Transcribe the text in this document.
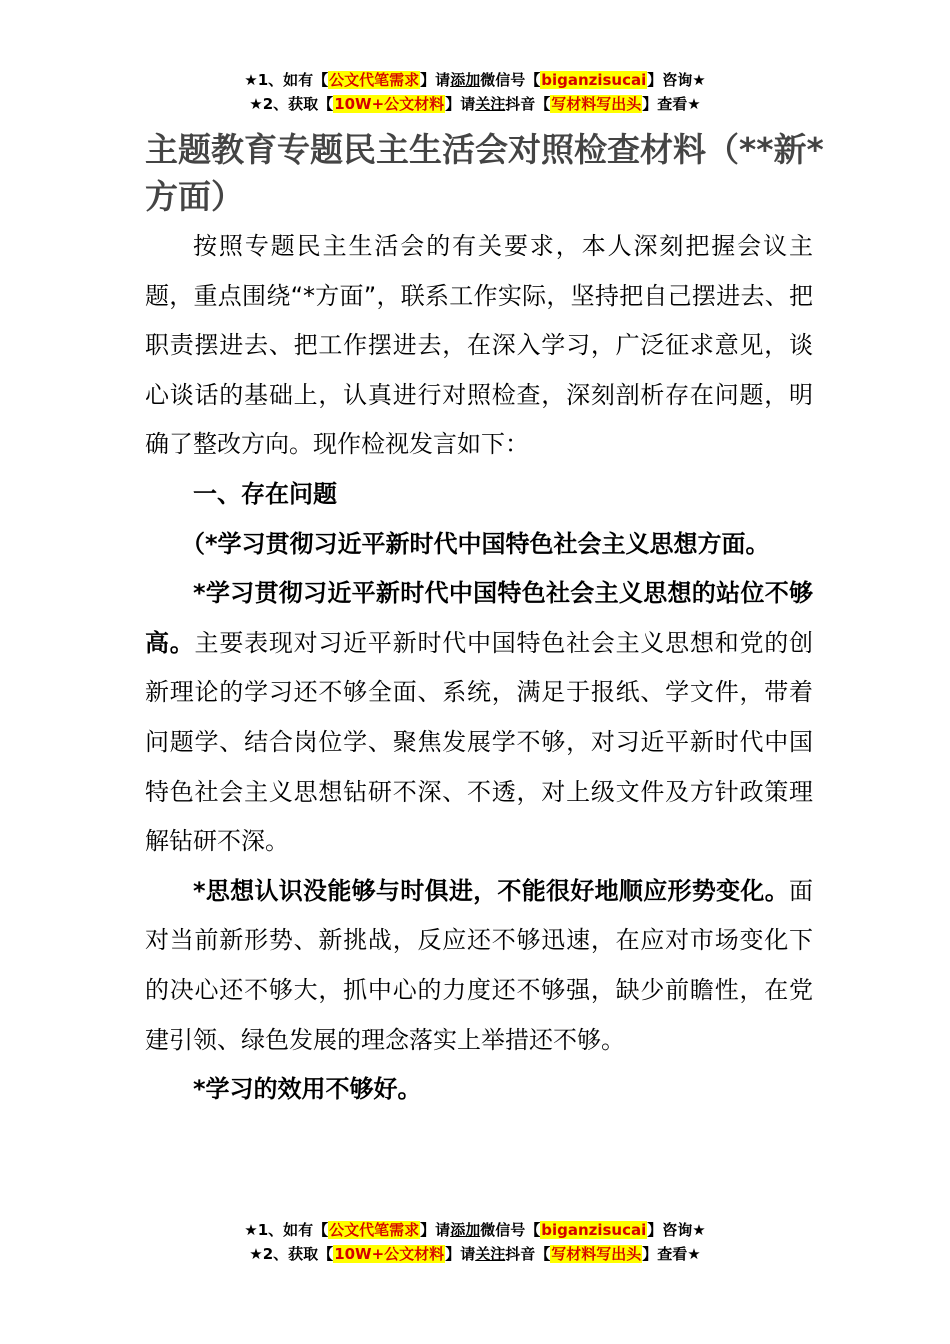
★1、如有【公文代笔需求】请添加微信号【biganzisucai】咨询★
★2、获取【10W+公文材料】请关注抖音【写材料写出头】查看★
主题教育专题民主生活会对照检查材料（**新*方面）

按照专题民主生活会的有关要求，本人深刻把握会议主题，重点围绕“*方面”，联系工作实际，坚持把自己摆进去、把职责摆进去、把工作摆进去，在深入学习，广泛征求意见，谈心谈话的基础上，认真进行对照检查，深刻剖析存在问题，明确了整改方向。现作检视发言如下：

一、存在问题

（*学习贯彻习近平新时代中国特色社会主义思想方面。

*学习贯彻习近平新时代中国特色社会主义思想的站位不够高。主要表现对习近平新时代中国特色社会主义思想和党的创新理论的学习还不够全面、系统，满足于报纸、学文件，带着问题学、结合岗位学、聚焦发展学不够，对习近平新时代中国特色社会主义思想钻研不深、不透，对上级文件及方针政策理解钻研不深。

*思想认识没能够与时俱进，不能很好地顺应形势变化。面对当前新形势、新挑战，反应还不够迅速，在应对市场变化下的决心还不够大，抓中心的力度还不够强，缺少前瞻性，在党建引领、绿色发展的理念落实上举措还不够。

*学习的效用不够好。

★1、如有【公文代笔需求】请添加微信号【biganzisucai】咨询★
★2、获取【10W+公文材料】请关注抖音【写材料写出头】查看★
